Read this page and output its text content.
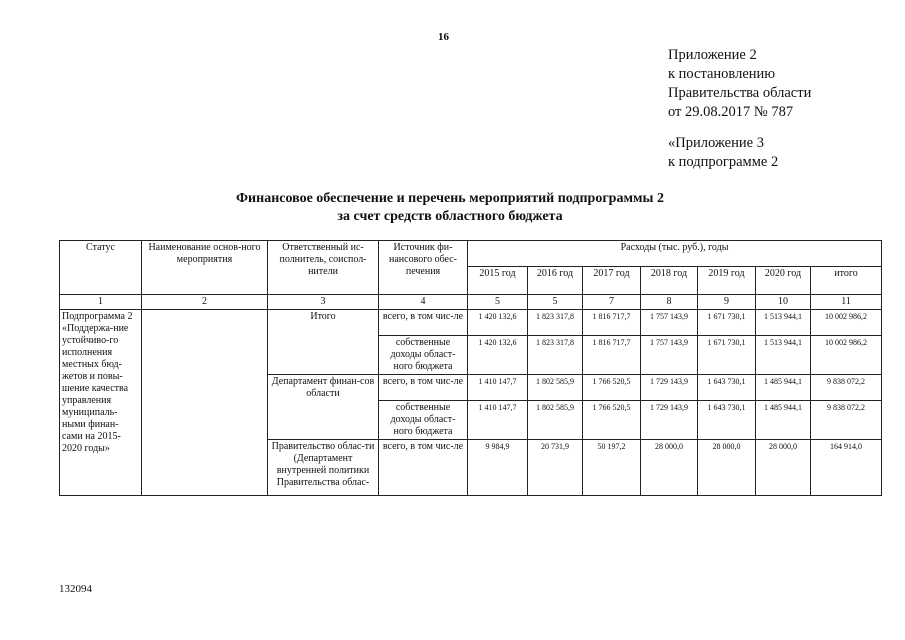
16
Приложение 2
к постановлению
Правительства области
от 29.08.2017 № 787
«Приложение 3
к подпрограмме 2
Финансовое обеспечение и перечень мероприятий подпрограммы 2
за счет средств областного бюджета
Статус	Наименование основ-ного мероприятия	Ответственный ис-полнитель, соиспол-нители	Источник фи-нансового обес-печения	Расходы (тыс. руб.), годы						
				2015 год	2016 год	2017 год	2018 год	2019 год	2020 год	итого
1	2	3	4	5	5	7	8	9	10	11
Подпрограмма 2 «Поддержа-ние устойчиво-го исполнения местных бюд-жетов и повы-шение качества управления муниципаль-ными финан-сами на 2015-2020 годы»		Итого	всего, в том чис-ле	1 420 132,6	1 823 317,8	1 816 717,7	1 757 143,9	1 671 730,1	1 513 944,1	10 002 986,2
			собственные доходы област-ного бюджета	1 420 132,6	1 823 317,8	1 816 717,7	1 757 143,9	1 671 730,1	1 513 944,1	10 002 986,2
		Департамент финан-сов области	всего, в том чис-ле	1 410 147,7	1 802 585,9	1 766 520,5	1 729 143,9	1 643 730,1	1 485 944,1	9 838 072,2
			собственные доходы област-ного бюджета	1 410 147,7	1 802 585,9	1 766 520,5	1 729 143,9	1 643 730,1	1 485 944,1	9 838 072,2
		Правительство облас-ти (Департамент внутренней политики Правительства облас-	всего, в том чис-ле	9 984,9	20 731,9	50 197,2	28 000,0	28 000,0	28 000,0	164 914,0
132094
